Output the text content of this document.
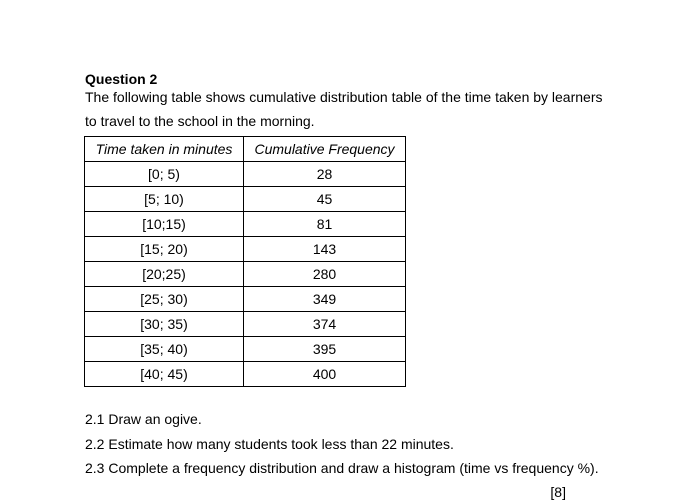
Question 2
The following table shows cumulative distribution table of the time taken by learners
to travel to the school in the morning.
Time taken in minutes	Cumulative Frequency
[0; 5)	28
[5; 10)	45
[10;15)	81
[15; 20)	143
[20;25)	280
[25; 30)	349
[30; 35)	374
[35; 40)	395
[40; 45)	400
2.1 Draw an ogive.
2.2 Estimate how many students took less than 22 minutes.
2.3 Complete a frequency distribution and draw a histogram (time vs frequency %).
[8]
